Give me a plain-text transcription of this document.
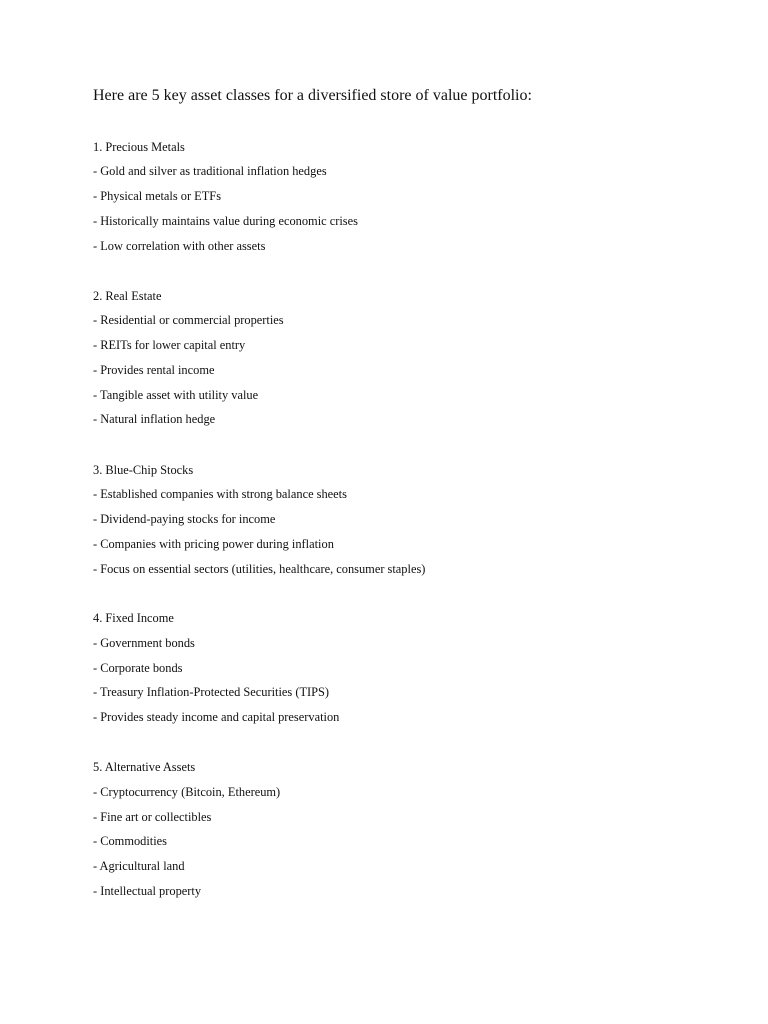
Here are 5 key asset classes for a diversified store of value portfolio:

1. Precious Metals
- Gold and silver as traditional inflation hedges
- Physical metals or ETFs
- Historically maintains value during economic crises
- Low correlation with other assets
2. Real Estate
- Residential or commercial properties
- REITs for lower capital entry
- Provides rental income
- Tangible asset with utility value
- Natural inflation hedge
3. Blue-Chip Stocks
- Established companies with strong balance sheets
- Dividend-paying stocks for income
- Companies with pricing power during inflation
- Focus on essential sectors (utilities, healthcare, consumer staples)
4. Fixed Income
- Government bonds
- Corporate bonds
- Treasury Inflation-Protected Securities (TIPS)
- Provides steady income and capital preservation
5. Alternative Assets
- Cryptocurrency (Bitcoin, Ethereum)
- Fine art or collectibles
- Commodities
- Agricultural land
- Intellectual property
